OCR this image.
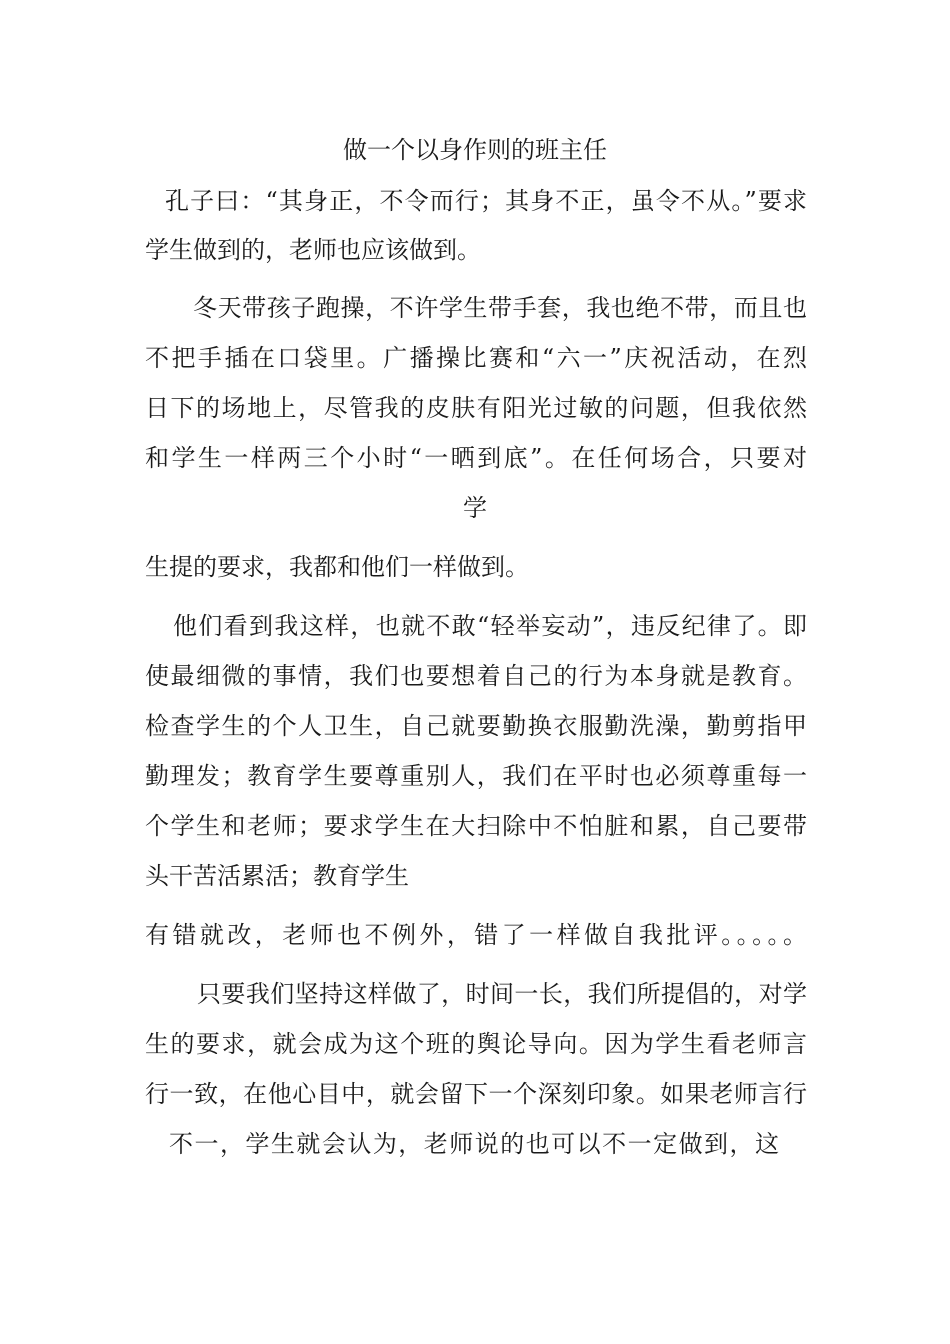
做一个以身作则的班主任
孔子曰：“其身正，不令而行；其身不正，虽令不从。”要求
学生做到的，老师也应该做到。
冬天带孩子跑操，不许学生带手套，我也绝不带，而且也
不把手插在口袋里。广播操比赛和“六一”庆祝活动，在烈
日下的场地上，尽管我的皮肤有阳光过敏的问题，但我依然
和学生一样两三个小时“一晒到底”。在任何场合，只要对
学
生提的要求，我都和他们一样做到。
他们看到我这样，也就不敢“轻举妄动”，违反纪律了。即
使最细微的事情，我们也要想着自己的行为本身就是教育。
检查学生的个人卫生，自己就要勤换衣服勤洗澡，勤剪指甲
勤理发；教育学生要尊重别人，我们在平时也必须尊重每一
个学生和老师；要求学生在大扫除中不怕脏和累，自己要带
头干苦活累活；教育学生
有错就改，老师也不例外，错了一样做自我批评。。。。。
只要我们坚持这样做了，时间一长，我们所提倡的，对学
生的要求，就会成为这个班的舆论导向。因为学生看老师言
行一致，在他心目中，就会留下一个深刻印象。如果老师言行
不一，学生就会认为，老师说的也可以不一定做到，这
